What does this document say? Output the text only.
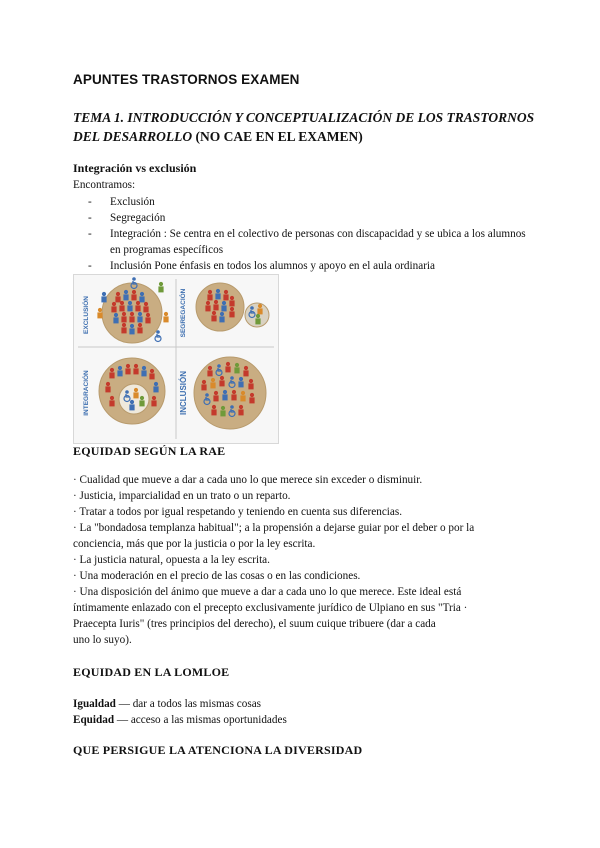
APUNTES TRASTORNOS EXAMEN
TEMA 1. INTRODUCCIÓN Y CONCEPTUALIZACIÓN DE LOS TRASTORNOS DEL DESARROLLO (NO CAE EN EL EXAMEN)
Integración vs exclusión
Encontramos:
- Exclusión
- Segregación
- Integración : Se centra en el colectivo de personas con discapacidad y se ubica a los alumnos en programas específicos
- Inclusión Pone énfasis en todos los alumnos y apoyo en el aula ordinaria
EXCLUSIÓN	SEGREGACIÓN
INTEGRACIÓN	INCLUSIÓN
EQUIDAD SEGÚN LA RAE

· Cualidad que mueve a dar a cada uno lo que merece sin exceder o disminuir.

· Justicia, imparcialidad en un trato o un reparto.

· Tratar a todos por igual respetando y teniendo en cuenta sus diferencias.

· La "bondadosa templanza habitual"; a la propensión a dejarse guiar por el deber o por la

conciencia, más que por la justicia o por la ley escrita.

· La justicia natural, opuesta a la ley escrita.

· Una moderación en el precio de las cosas o en las condiciones.

· Una disposición del ánimo que mueve a dar a cada uno lo que merece. Este ideal está

íntimamente enlazado con el precepto exclusivamente jurídico de Ulpiano en sus "Tria ·

Praecepta Iuris" (tres principios del derecho), el suum cuique tribuere (dar a cada

uno lo suyo).

EQUIDAD EN LA LOMLOE
Igualdad — dar a todos las mismas cosas
Equidad — acceso a las mismas oportunidades
QUE PERSIGUE LA ATENCIONA LA DIVERSIDAD
